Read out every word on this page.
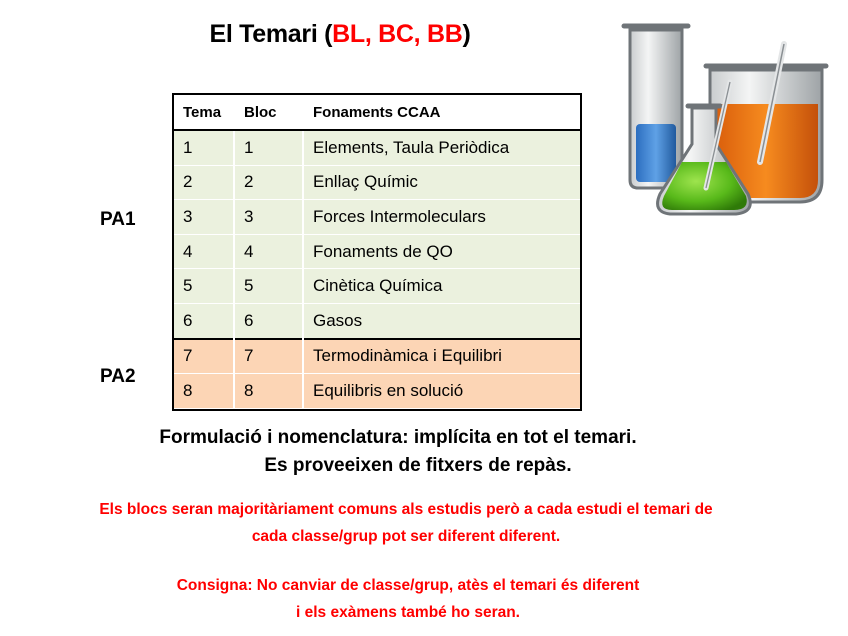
El Temari (BL, BC, BB)
PA1
PA2
Tema	Bloc	Fonaments CCAA
1	1	Elements, Taula Periòdica
2	2	Enllaç Químic
3	3	Forces Intermoleculars
4	4	Fonaments de QO
5	5	Cinètica Química
6	6	Gasos
7	7	Termodinàmica i Equilibri
8	8	Equilibris en solució
Formulació i nomenclatura: implícita en tot el temari.
Es proveeixen de fitxers de repàs.
Els blocs seran majoritàriament comuns als estudis però a cada estudi el temari de
cada classe/grup pot ser diferent diferent.
Consigna: No canviar de classe/grup, atès el temari és diferent
i els exàmens també ho seran.
